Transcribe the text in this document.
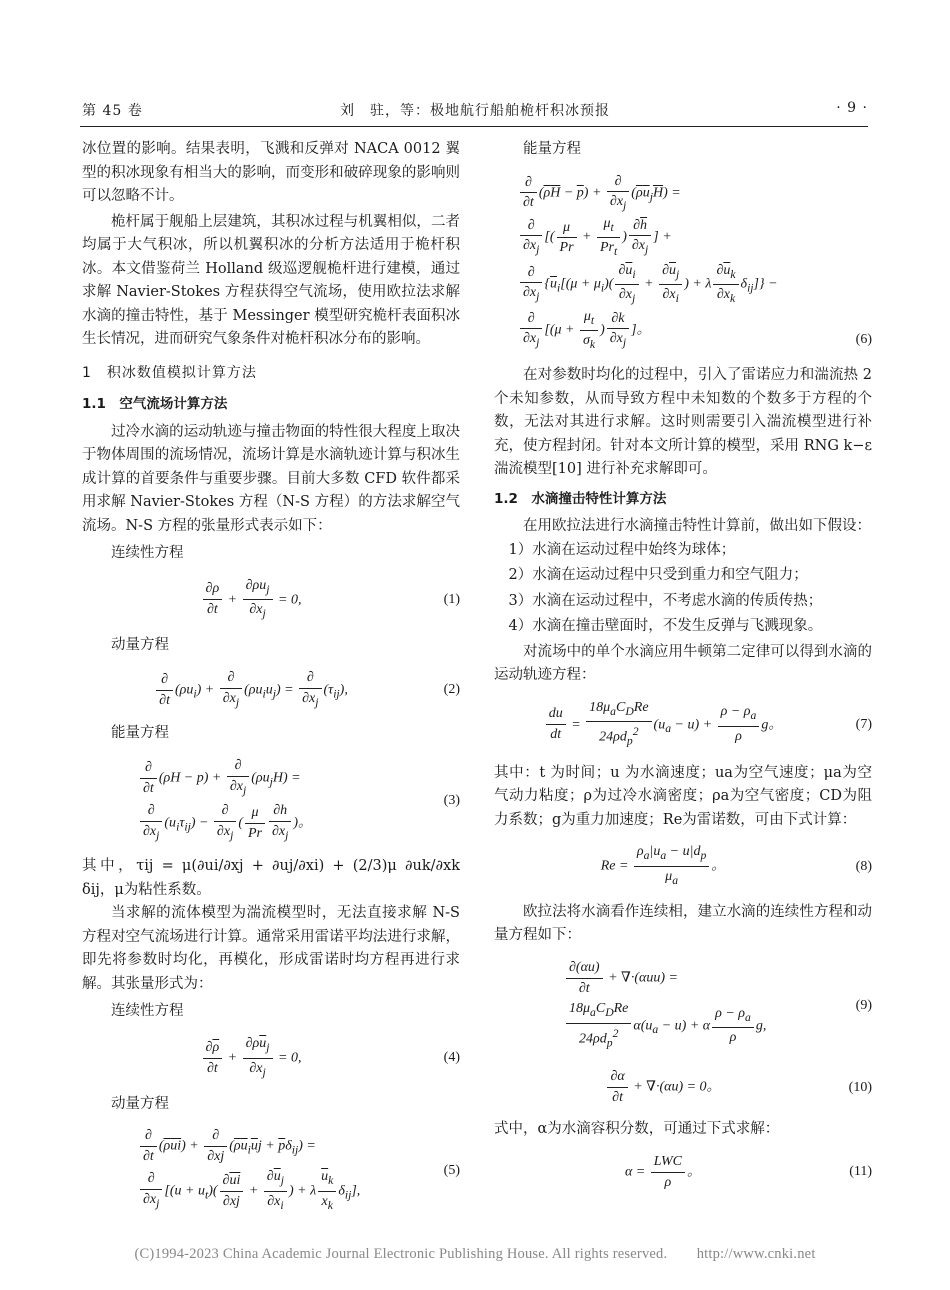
第 45 卷	刘　驻，等：极地航行船舶桅杆积冰预报	· 9 ·

冰位置的影响。结果表明，飞溅和反弹对 NACA 0012 翼型的积冰现象有相当大的影响，而变形和破碎现象的影响则可以忽略不计。

桅杆属于舰船上层建筑，其积冰过程与机翼相似，二者均属于大气积冰，所以机翼积冰的分析方法适用于桅杆积冰。本文借鉴荷兰 Holland 级巡逻舰桅杆进行建模，通过求解 Navier-Stokes 方程获得空气流场，使用欧拉法求解水滴的撞击特性，基于 Messinger 模型研究桅杆表面积冰生长情况，进而研究气象条件对桅杆积冰分布的影响。

1　积冰数值模拟计算方法
1.1　空气流场计算方法

过冷水滴的运动轨迹与撞击物面的特性很大程度上取决于物体周围的流场情况，流场计算是水滴轨迹计算与积冰生成计算的首要条件与重要步骤。目前大多数 CFD 软件都采用求解 Navier-Stokes 方程（N-S 方程）的方法求解空气流场。N-S 方程的张量形式表示如下：

连续性方程

$\frac{\partial\rho}{\partial t} + \frac{\partial\rho u_j}{\partial x_j} = 0$,	(1)

动量方程

$\frac{\partial}{\partial t} (\rho u_i) + \frac{\partial}{\partial x_j} (\rho u_iu_j) = \frac{\partial}{\partial x_j} (\tau_{ij})$,	(2)

能量方程

$\frac{\partial}{\partial t} (\rho H - p) + \frac{\partial}{\partial x_j} (\rho u_jH)$ =

$\frac{\partial}{\partial x_j} (u_i\tau_{ij}) - \frac{\partial}{\partial x_j}$ ( $\frac{\mu}{Pr} \frac{\partial h}{\partial x_j}$ )。
(3)

其中，τij = μ(∂ui/∂xj + ∂uj/∂xi) + (2/3)μ ∂uk/∂xk δij，μ为粘性系数。

当求解的流体模型为湍流模型时，无法直接求解 N-S 方程对空气流场进行计算。通常采用雷诺平均法进行求解，即先将参数时均化，再模化，形成雷诺时均方程再进行求解。其张量形式为：

连续性方程

$\frac{\partial\overline{\rho}}{\partial t} + \frac{\partial\rho\overline{u}_j}{\partial x_j} = 0$,	(4)

动量方程

$\frac{\partial}{\partial t} (\overline{\rho}\overline{ui}) + \frac{\partial}{\partial xj} (\overline{\rho}\overline{u}_i\overline{u}j + \overline{p}\delta_{ij})$ =

$\frac{\partial}{\partial x_j} [(u + u_t)( \frac{\partial\overline{ui}}{\partial xj} + \frac{\partial\overline{u}_j}{\partial x_i}$ ) + λ $\frac{\overline{u}_k}{x_k} \delta_{ij}$],
(5)

能量方程

$\frac{\partial}{\partial t} (\overline{\rho}\overline{H} - \overline{p}) + \frac{\partial}{\partial x_j} (\overline{\rho}\overline{u}_j\overline{H})$ =

$\frac{\partial}{\partial x_j}$ [( $\frac{\mu}{Pr} + \frac{\mu_t}{Pr_t}$ ) $\frac{\partial\overline{h}}{\partial x_j}$ ] +

$\frac{\partial}{\partial x_j} \{\overline{u}_i[(\mu + \mu_i)( \frac{\partial\overline{u}_i}{\partial x_j} + \frac{\partial\overline{u}_j}{\partial x_i}$ ) + λ $\frac{\partial\overline{u}_k}{\partial x_k} \delta_{ij}$]} −

$\frac{\partial}{\partial x_j} [(\mu + \frac{\mu_t}{\sigma_k}$ ) $\frac{\partial k}{\partial x_j}$ ]。
(6)

在对参数时均化的过程中，引入了雷诺应力和湍流热 2 个未知参数，从而导致方程中未知数的个数多于方程的个数，无法对其进行求解。这时则需要引入湍流模型进行补充，使方程封闭。针对本文所计算的模型，采用 RNG k−ε湍流模型[10] 进行补充求解即可。

1.2　水滴撞击特性计算方法

在用欧拉法进行水滴撞击特性计算前，做出如下假设：

1）水滴在运动过程中始终为球体；

2）水滴在运动过程中只受到重力和空气阻力；

3）水滴在运动过程中，不考虑水滴的传质传热；

4）水滴在撞击壁面时，不发生反弹与飞溅现象。

对流场中的单个水滴应用牛顿第二定律可以得到水滴的运动轨迹方程：

$\frac{du}{dt} = \frac{18\mu_aC_DRe}{24\rho d_p^2} (u_a - u) + \frac{\rho - \rho_a}{\rho}$ g。	(7)

其中：t 为时间；u 为水滴速度；ua为空气速度；μa为空气动力粘度；ρ为过冷水滴密度；ρa为空气密度；CD为阻力系数；g为重力加速度；Re为雷诺数，可由下式计算：

$Re = \frac{\rho_a|u_a - u|d_p}{\mu_a}$ 。	(8)

欧拉法将水滴看作连续相，建立水滴的连续性方程和动量方程如下：

$\frac{\partial(\alpha u)}{\partial t} + \nabla\cdot(\alpha uu)$ =

$\frac{18\mu_aC_DRe}{24\rho d_p^2} \alpha(u_a - u) + \alpha \frac{\rho - \rho_a}{\rho} g$,
(9)
$\frac{\partial\alpha}{\partial t} + \nabla\cdot(\alpha u) = 0$。	(10)

式中，α为水滴容积分数，可通过下式求解：

$\alpha = \frac{\text{LWC}}{\rho}$ 。	(11)
(C)1994-2023 China Academic Journal Electronic Publishing House. All rights reserved.　　http://www.cnki.net
